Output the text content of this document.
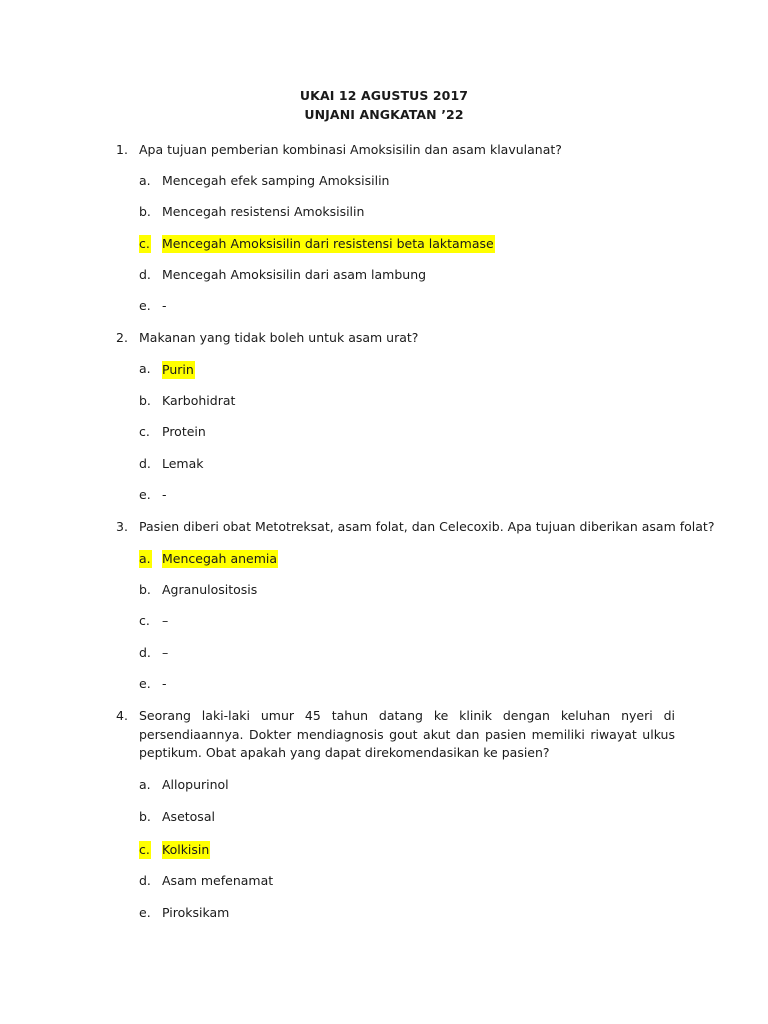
UKAI 12 AGUSTUS 2017
UNJANI ANGKATAN ’22
1. Apa tujuan pemberian kombinasi Amoksisilin dan asam klavulanat?
a. Mencegah efek samping Amoksisilin
b. Mencegah resistensi Amoksisilin
c. Mencegah Amoksisilin dari resistensi beta laktamase
d. Mencegah Amoksisilin dari asam lambung
e. -
2. Makanan yang tidak boleh untuk asam urat?
a. Purin
b. Karbohidrat
c. Protein
d. Lemak
e. -
3. Pasien diberi obat Metotreksat, asam folat, dan Celecoxib. Apa tujuan diberikan asam folat?
a. Mencegah anemia
b. Agranulositosis
c. –
d. –
e. -
4. Seorang laki-laki umur 45 tahun datang ke klinik dengan keluhan nyeri di persendiaannya. Dokter mendiagnosis gout akut dan pasien memiliki riwayat ulkus peptikum. Obat apakah yang dapat direkomendasikan ke pasien?
a. Allopurinol
b. Asetosal
c. Kolkisin
d. Asam mefenamat
e. Piroksikam
